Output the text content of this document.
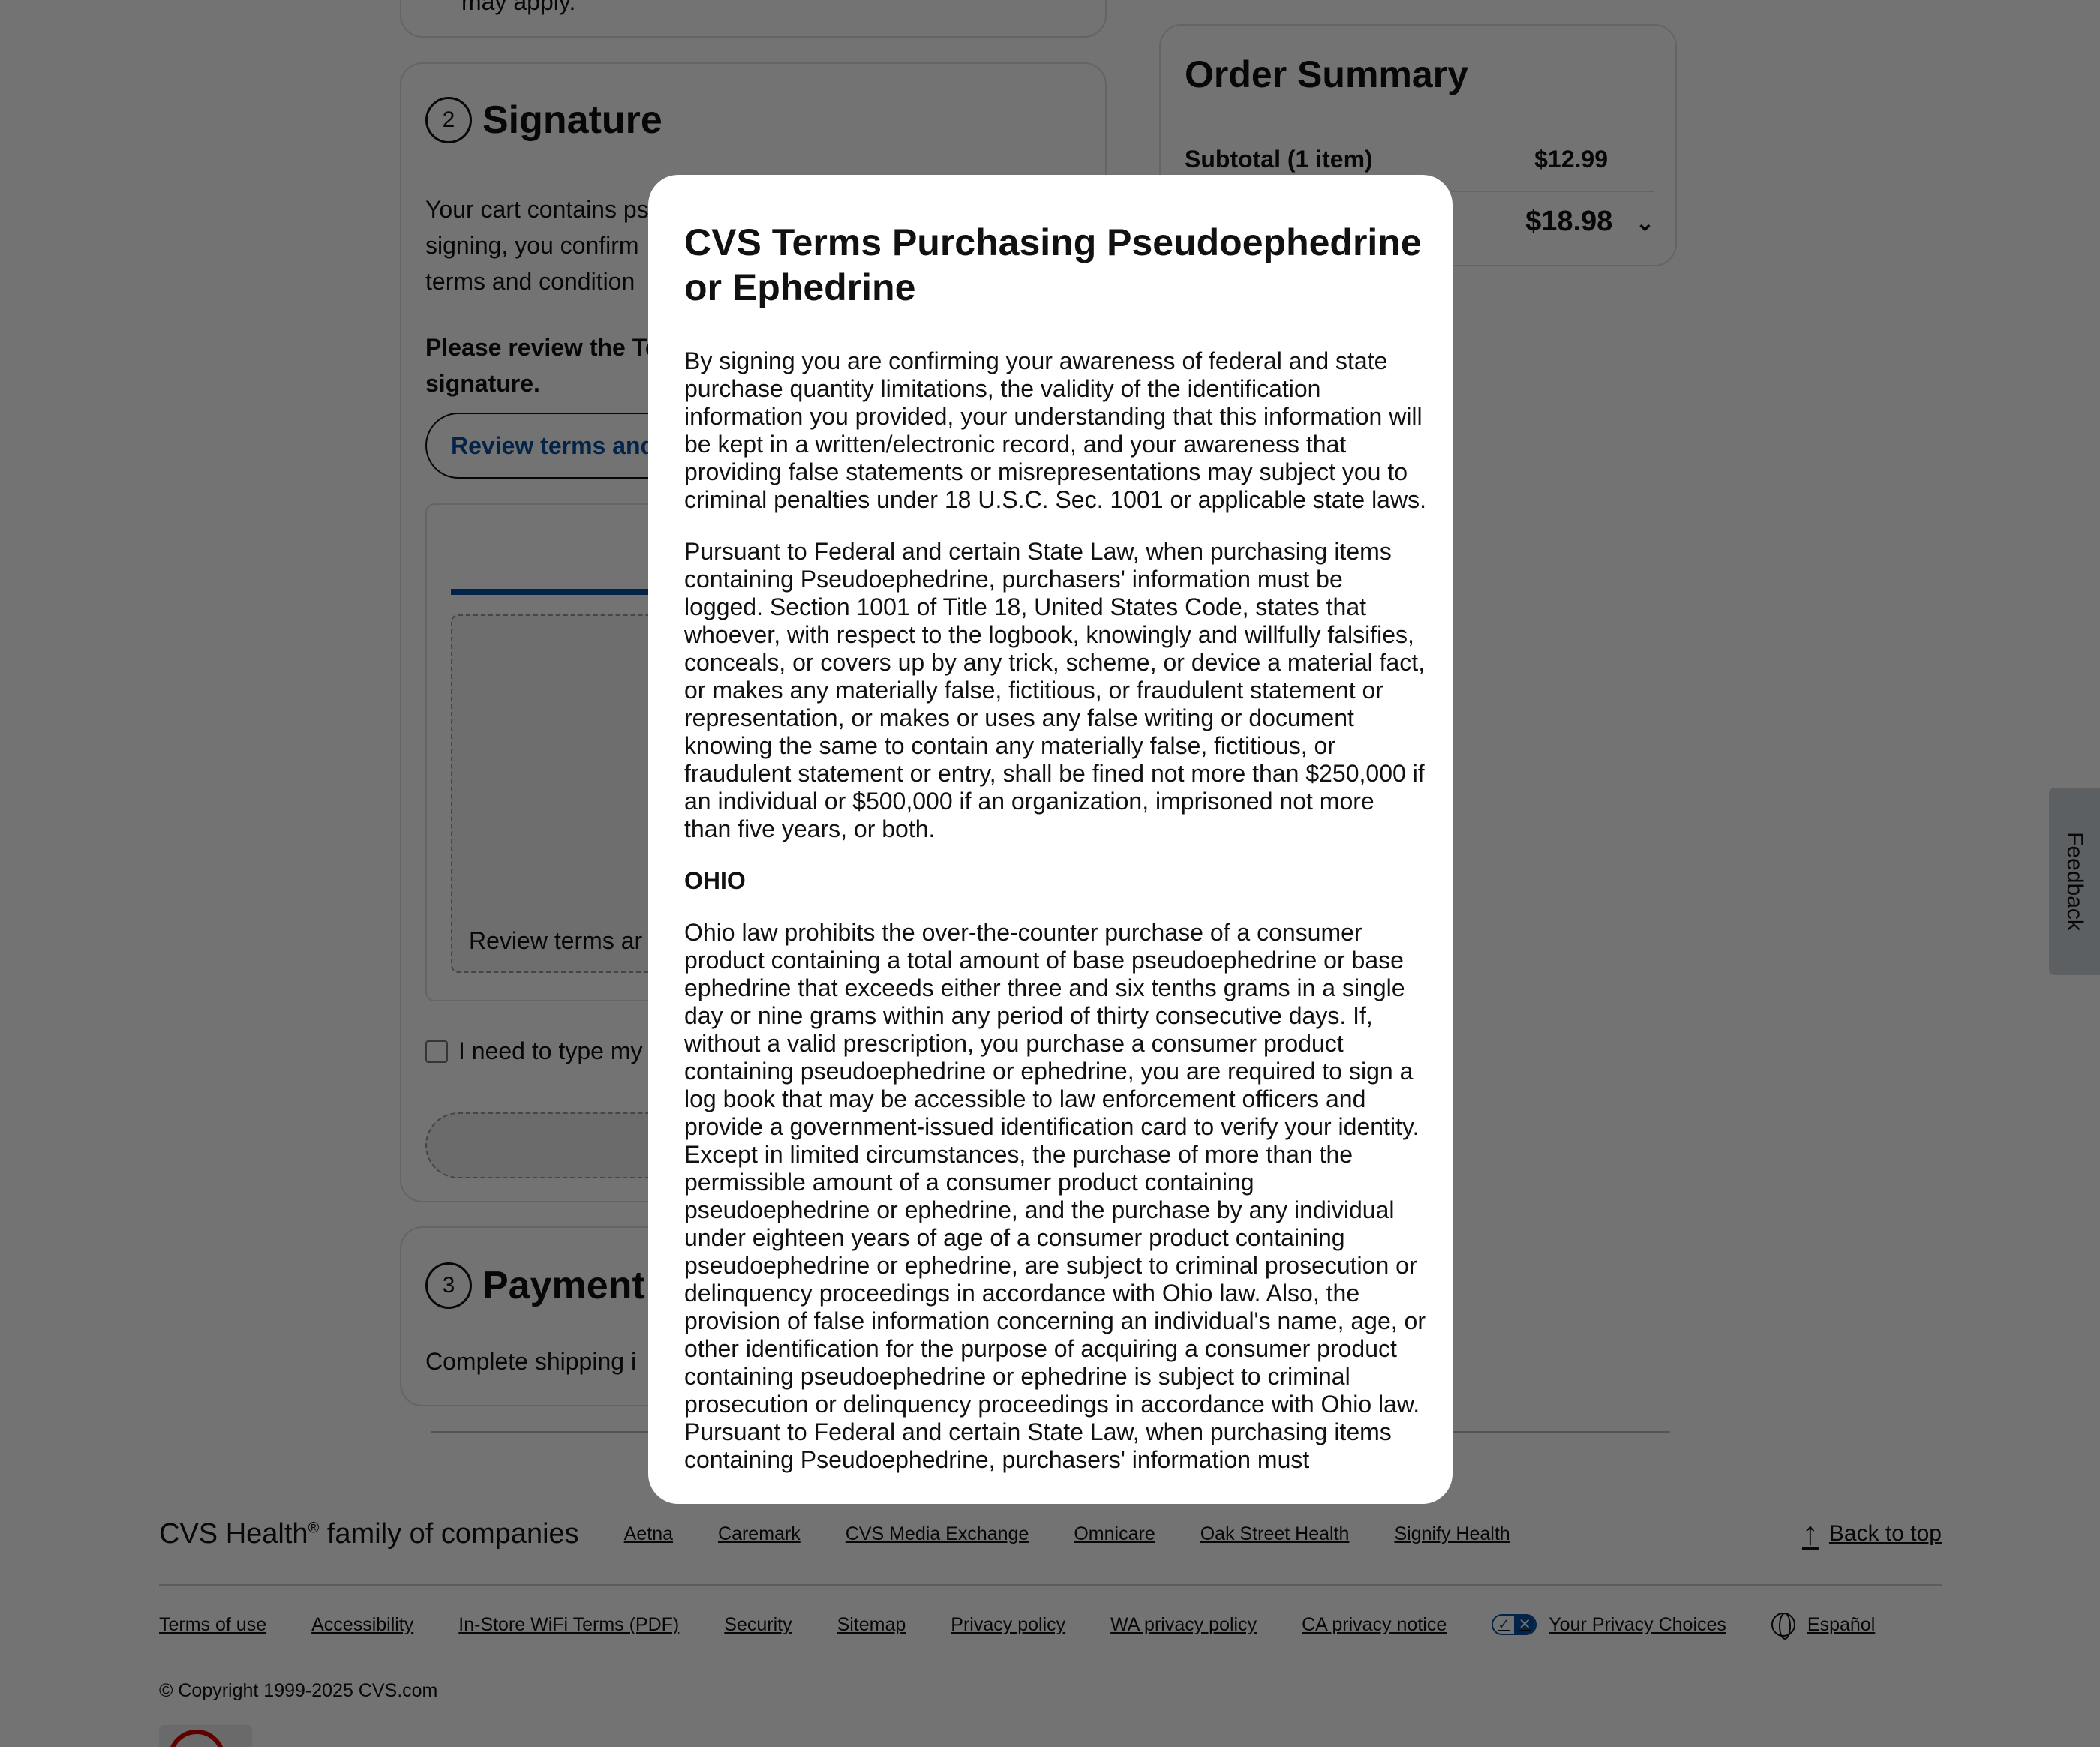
CVS Terms Purchasing Pseudoephedrine or Ephedrine

By signing you are confirming your awareness of federal and state purchase quantity limitations, the validity of the identification information you provided, your understanding that this information will be kept in a written/electronic record, and your awareness that providing false statements or misrepresentations may subject you to criminal penalties under 18 U.S.C. Sec. 1001 or applicable state laws.

Pursuant to Federal and certain State Law, when purchasing items containing Pseudoephedrine, purchasers' information must be logged. Section 1001 of Title 18, United States Code, states that whoever, with respect to the logbook, knowingly and willfully falsifies, conceals, or covers up by any trick, scheme, or device a material fact, or makes any materially false, fictitious, or fraudulent statement or representation, or makes or uses any false writing or document knowing the same to contain any materially false, fictitious, or fraudulent statement or entry, shall be fined not more than $250,000 if an individual or $500,000 if an organization, imprisoned not more than five years, or both.

OHIO

Ohio law prohibits the over-the-counter purchase of a consumer product containing a total amount of base pseudoephedrine or base ephedrine that exceeds either three and six tenths grams in a single day or nine grams within any period of thirty consecutive days. If, without a valid prescription, you purchase a consumer product containing pseudoephedrine or ephedrine, you are required to sign a log book that may be accessible to law enforcement officers and provide a government-issued identification card to verify your identity. Except in limited circumstances, the purchase of more than the permissible amount of a consumer product containing pseudoephedrine or ephedrine, and the purchase by any individual under eighteen years of age of a consumer product containing pseudoephedrine or ephedrine, are subject to criminal prosecution or delinquency proceedings in accordance with Ohio law. Also, the provision of false information concerning an individual's name, age, or other identification for the purpose of acquiring a consumer product containing pseudoephedrine or ephedrine is subject to criminal prosecution or delinquency proceedings in accordance with Ohio law. Pursuant to Federal and certain State Law, when purchasing items containing Pseudoephedrine, purchasers' information must
